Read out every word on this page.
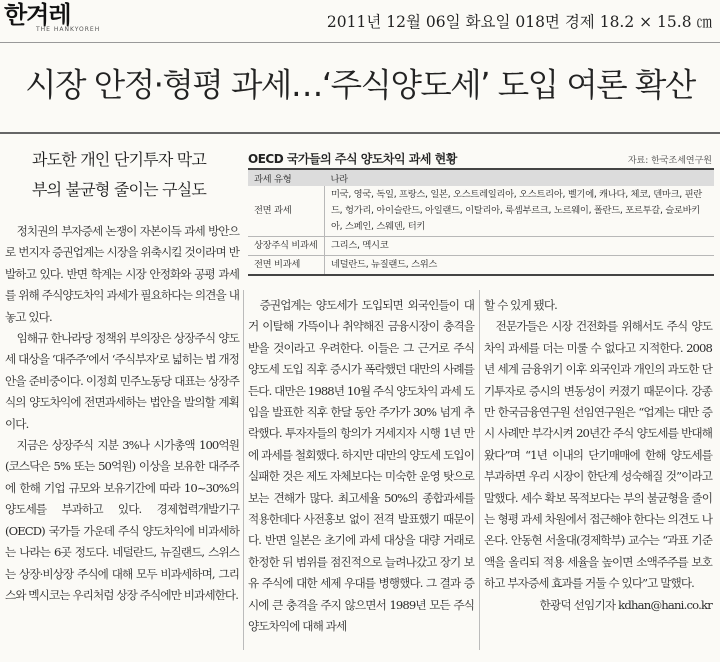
한겨레
THE HANKYOREH	2011년 12월 06일 화요일 018면 경제 18.2 × 15.8 ㎝
시장 안정·형평 과세…‘주식양도세’ 도입 여론 확산
과도한 개인 단기투자 막고
부의 불균형 줄이는 구실도
OECD 국가들의 주식 양도차익 과세 현황	자료: 한국조세연구원
과세 유형	나라
전면 과세	미국, 영국, 독일, 프랑스, 일본, 오스트레일리아, 오스트리아, 벨기에, 캐나다, 체코, 덴마크, 핀란드, 헝가리, 아이슬란드, 아일랜드, 이탈리아, 룩셈부르크, 노르웨이, 폴란드, 포르투갈, 슬로바키아, 스페인, 스웨덴, 터키
상장주식 비과세	그리스, 멕시코
전면 비과세	네덜란드, 뉴질랜드, 스위스

정치권의 부자증세 논쟁이 자본이득 과세 방안으로 번지자 증권업계는 시장을 위축시킬 것이라며 반발하고 있다. 반면 학계는 시장 안정화와 공평 과세를 위해 주식양도차익 과세가 필요하다는 의견을 내놓고 있다.

임해규 한나라당 정책위 부의장은 상장주식 양도세 대상을 ‘대주주’에서 ‘주식부자’로 넓히는 법 개정안을 준비중이다. 이정희 민주노동당 대표는 상장주식의 양도차익에 전면과세하는 법안을 발의할 계획이다.

지금은 상장주식 지분 3%나 시가총액 100억원(코스닥은 5% 또는 50억원) 이상을 보유한 대주주에 한해 기업 규모와 보유기간에 따라 10~30%의 양도세를 부과하고 있다. 경제협력개발기구(OECD) 국가들 가운데 주식 양도차익에 비과세하는 나라는 6곳 정도다. 네덜란드, 뉴질랜드, 스위스는 상장·비상장 주식에 대해 모두 비과세하며, 그리스와 멕시코는 우리처럼 상장 주식에만 비과세한다.

증권업계는 양도세가 도입되면 외국인들이 대거 이탈해 가뜩이나 취약해진 금융시장이 충격을 받을 것이라고 우려한다. 이들은 그 근거로 주식 양도세 도입 직후 증시가 폭락했던 대만의 사례를 든다. 대만은 1988년 10월 주식 양도차익 과세 도입을 발표한 직후 한달 동안 주가가 30% 넘게 추락했다. 투자자들의 항의가 거세지자 시행 1년 만에 과세를 철회했다. 하지만 대만의 양도세 도입이 실패한 것은 제도 자체보다는 미숙한 운영 탓으로 보는 견해가 많다. 최고세율 50%의 종합과세를 적용한데다 사전홍보 없이 전격 발표했기 때문이다. 반면 일본은 초기에 과세 대상을 대량 거래로 한정한 뒤 범위를 점진적으로 늘려나갔고 장기 보유 주식에 대한 세제 우대를 병행했다. 그 결과 증시에 큰 충격을 주지 않으면서 1989년 모든 주식 양도차익에 대해 과세

할 수 있게 됐다.

전문가들은 시장 건전화를 위해서도 주식 양도차익 과세를 더는 미룰 수 없다고 지적한다. 2008년 세계 금융위기 이후 외국인과 개인의 과도한 단기투자로 증시의 변동성이 커졌기 때문이다. 강종만 한국금융연구원 선임연구원은 “업계는 대만 증시 사례만 부각시켜 20년간 주식 양도세를 반대해왔다”며 “1년 이내의 단기매매에 한해 양도세를 부과하면 우리 시장이 한단계 성숙해질 것”이라고 말했다. 세수 확보 목적보다는 부의 불균형을 줄이는 형평 과세 차원에서 접근해야 한다는 의견도 나온다. 안동현 서울대(경제학부) 교수는 “과표 기준액을 올리되 적용 세율을 높이면 소액주주를 보호하고 부자증세 효과를 거둘 수 있다”고 말했다.

한광덕 선임기자 kdhan@hani.co.kr
